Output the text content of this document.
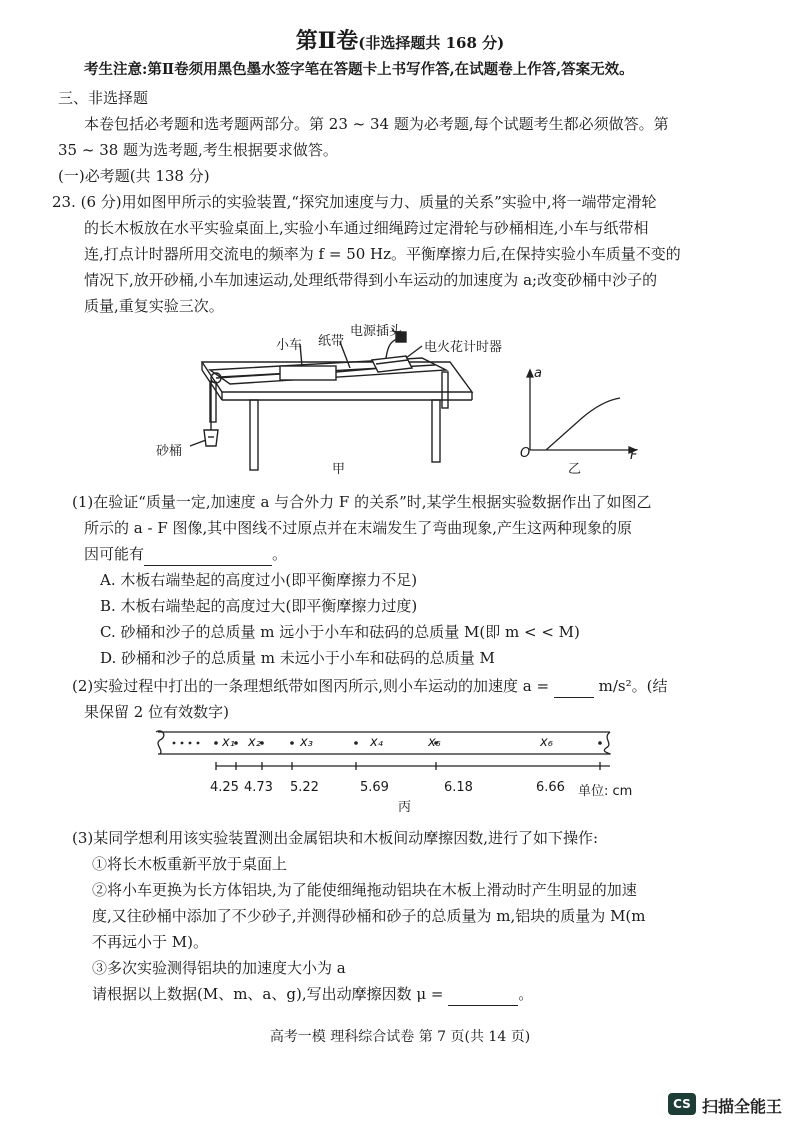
第Ⅱ卷(非选择题共 168 分)
考生注意:第Ⅱ卷须用黑色墨水签字笔在答题卡上书写作答,在试题卷上作答,答案无效。
三、非选择题
本卷包括必考题和选考题两部分。第 23 ~ 34 题为必考题,每个试题考生都必须做答。第
35 ~ 38 题为选考题,考生根据要求做答。
(一)必考题(共 138 分)
23. (6 分)用如图甲所示的实验装置,“探究加速度与力、质量的关系”实验中,将一端带定滑轮
的长木板放在水平实验桌面上,实验小车通过细绳跨过定滑轮与砂桶相连,小车与纸带相
连,打点计时器所用交流电的频率为 f = 50 Hz。平衡摩擦力后,在保持实验小车质量不变的
情况下,放开砂桶,小车加速运动,处理纸带得到小车运动的加速度为 a;改变砂桶中沙子的
质量,重复实验三次。
小车 纸带
电源插头
电火花计时器
砂桶
甲
a
F
O
乙
(1)在验证“质量一定,加速度 a 与合外力 F 的关系”时,某学生根据实验数据作出了如图乙
所示的 a - F 图像,其中图线不过原点并在末端发生了弯曲现象,产生这两种现象的原
因可能有	。
A. 木板右端垫起的高度过小(即平衡摩擦力不足)
B. 木板右端垫起的高度过大(即平衡摩擦力过度)
C. 砂桶和沙子的总质量 m 远小于小车和砝码的总质量 M(即 m < < M)
D. 砂桶和沙子的总质量 m 未远小于小车和砝码的总质量 M
(2)实验过程中打出的一条理想纸带如图丙所示,则小车运动的加速度 a =	m/s²。(结
果保留 2 位有效数字)
x₁ x₂	x₃	x₄	x₅	x₆
4.25 4.73 5.22	5.69	6.18	6.66 单位: cm
丙
(3)某同学想利用该实验装置测出金属铝块和木板间动摩擦因数,进行了如下操作:
①将长木板重新平放于桌面上
②将小车更换为长方体铝块,为了能使细绳拖动铝块在木板上滑动时产生明显的加速
度,又往砂桶中添加了不少砂子,并测得砂桶和砂子的总质量为 m,铝块的质量为 M(m
不再远小于 M)。
③多次实验测得铝块的加速度大小为 a
请根据以上数据(M、m、a、g),写出动摩擦因数 μ =	。
高考一模 理科综合试卷 第 7 页(共 14 页)
CS 扫描全能王
